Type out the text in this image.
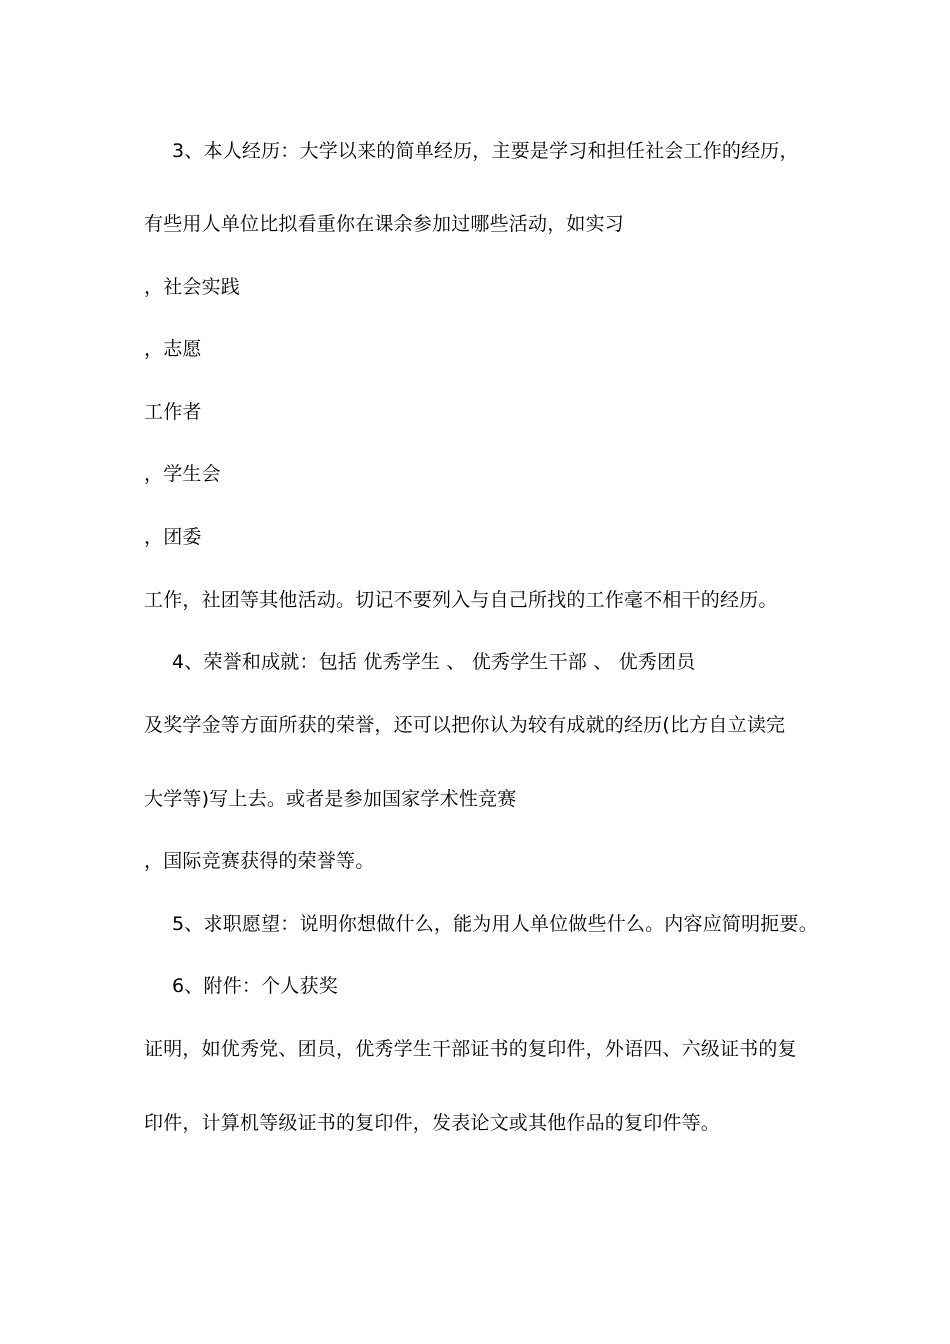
3、本人经历：大学以来的简单经历，主要是学习和担任社会工作的经历，
有些用人单位比拟看重你在课余参加过哪些活动，如实习
，社会实践
，志愿
工作者
，学生会
，团委
工作，社团等其他活动。切记不要列入与自己所找的工作毫不相干的经历。
4、荣誉和成就：包括 优秀学生 、 优秀学生干部 、 优秀团员
及奖学金等方面所获的荣誉，还可以把你认为较有成就的经历(比方自立读完
大学等)写上去。或者是参加国家学术性竞赛
，国际竞赛获得的荣誉等。
5、求职愿望：说明你想做什么，能为用人单位做些什么。内容应简明扼要。
6、附件：个人获奖
证明，如优秀党、团员，优秀学生干部证书的复印件，外语四、六级证书的复
印件，计算机等级证书的复印件，发表论文或其他作品的复印件等。
